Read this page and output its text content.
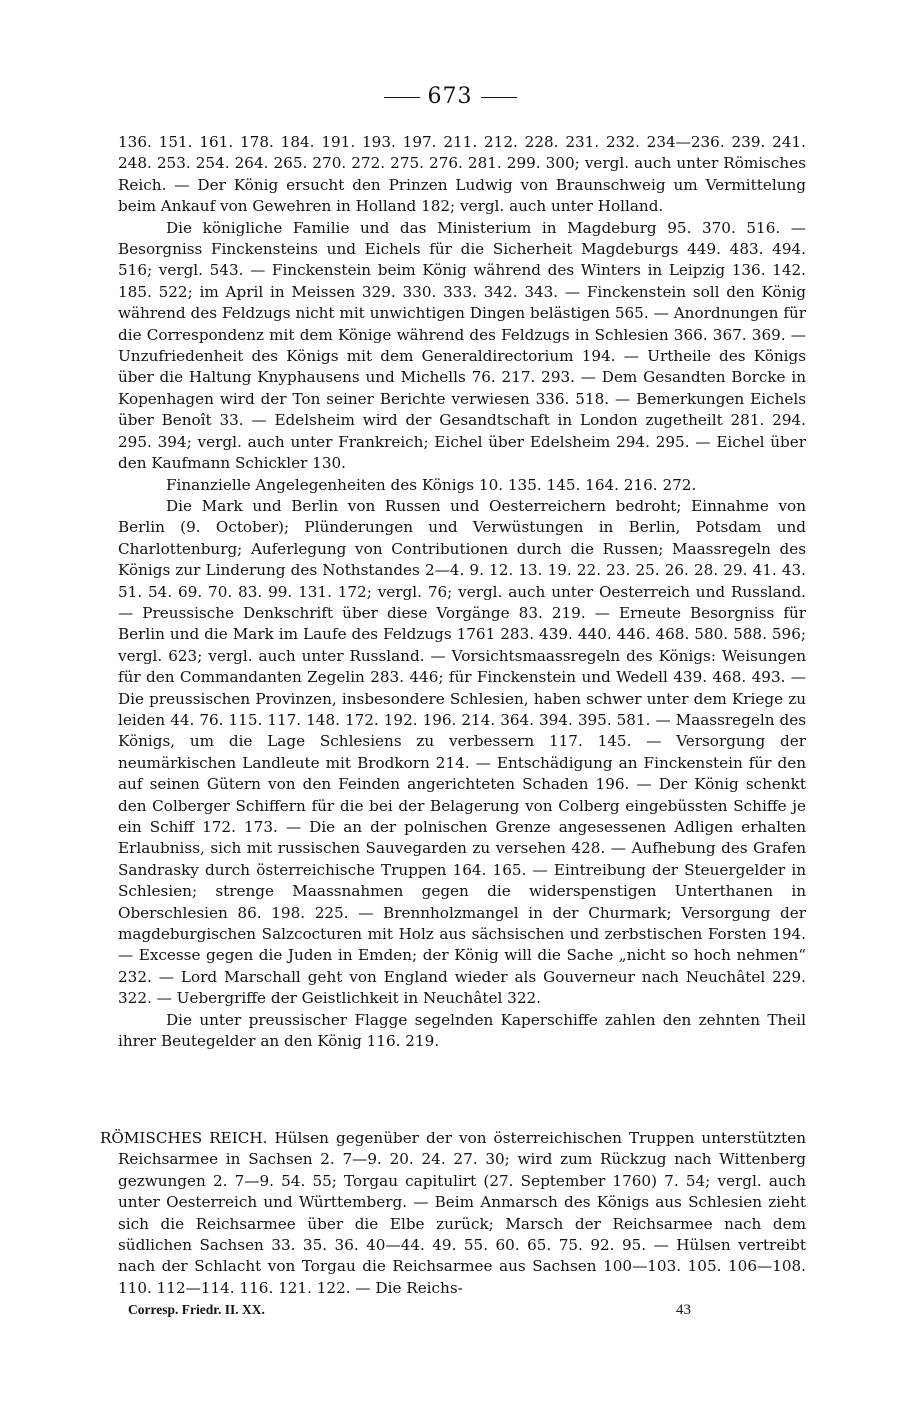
673

136. 151. 161. 178. 184. 191. 193. 197. 211. 212. 228. 231. 232. 234—236. 239. 241. 248. 253. 254. 264. 265. 270. 272. 275. 276. 281. 299. 300; vergl. auch unter Römisches Reich. — Der König ersucht den Prinzen Ludwig von Braunschweig um Vermittelung beim Ankauf von Gewehren in Holland 182; vergl. auch unter Holland.

Die königliche Familie und das Ministerium in Magdeburg 95. 370. 516. — Besorgniss Finckensteins und Eichels für die Sicherheit Magdeburgs 449. 483. 494. 516; vergl. 543. — Finckenstein beim König während des Winters in Leipzig 136. 142. 185. 522; im April in Meissen 329. 330. 333. 342. 343. — Finckenstein soll den König während des Feldzugs nicht mit unwichtigen Dingen belästigen 565. — Anordnungen für die Correspondenz mit dem Könige während des Feldzugs in Schlesien 366. 367. 369. — Unzufriedenheit des Königs mit dem Generaldirectorium 194. — Urtheile des Königs über die Haltung Knyphausens und Michells 76. 217. 293. — Dem Gesandten Borcke in Kopenhagen wird der Ton seiner Berichte verwiesen 336. 518. — Bemerkungen Eichels über Benoît 33. — Edelsheim wird der Gesandtschaft in London zugetheilt 281. 294. 295. 394; vergl. auch unter Frankreich; Eichel über Edelsheim 294. 295. — Eichel über den Kaufmann Schickler 130.

Finanzielle Angelegenheiten des Königs 10. 135. 145. 164. 216. 272.

Die Mark und Berlin von Russen und Oesterreichern bedroht; Einnahme von Berlin (9. October); Plünderungen und Verwüstungen in Berlin, Potsdam und Charlottenburg; Auferlegung von Contributionen durch die Russen; Maassregeln des Königs zur Linderung des Nothstandes 2—4. 9. 12. 13. 19. 22. 23. 25. 26. 28. 29. 41. 43. 51. 54. 69. 70. 83. 99. 131. 172; vergl. 76; vergl. auch unter Oesterreich und Russland. — Preussische Denkschrift über diese Vorgänge 83. 219. — Erneute Besorgniss für Berlin und die Mark im Laufe des Feldzugs 1761 283. 439. 440. 446. 468. 580. 588. 596; vergl. 623; vergl. auch unter Russland. — Vorsichtsmaassregeln des Königs: Weisungen für den Commandanten Zegelin 283. 446; für Finckenstein und Wedell 439. 468. 493. — Die preussischen Provinzen, insbesondere Schlesien, haben schwer unter dem Kriege zu leiden 44. 76. 115. 117. 148. 172. 192. 196. 214. 364. 394. 395. 581. — Maassregeln des Königs, um die Lage Schlesiens zu verbessern 117. 145. — Versorgung der neumärkischen Landleute mit Brodkorn 214. — Entschädigung an Finckenstein für den auf seinen Gütern von den Feinden angerichteten Schaden 196. — Der König schenkt den Colberger Schiffern für die bei der Belagerung von Colberg eingebüssten Schiffe je ein Schiff 172. 173. — Die an der polnischen Grenze angesessenen Adligen erhalten Erlaubniss, sich mit russischen Sauvegarden zu versehen 428. — Aufhebung des Grafen Sandrasky durch österreichische Truppen 164. 165. — Eintreibung der Steuergelder in Schlesien; strenge Maassnahmen gegen die widerspenstigen Unterthanen in Oberschlesien 86. 198. 225. — Brennholzmangel in der Churmark; Versorgung der magdeburgischen Salzcocturen mit Holz aus sächsischen und zerbstischen Forsten 194. — Excesse gegen die Juden in Emden; der König will die Sache „nicht so hoch nehmen“ 232. — Lord Marschall geht von England wieder als Gouverneur nach Neuchâtel 229. 322. — Uebergriffe der Geistlichkeit in Neuchâtel 322.

Die unter preussischer Flagge segelnden Kaperschiffe zahlen den zehnten Theil ihrer Beutegelder an den König 116. 219.

RÖMISCHES REICH. Hülsen gegenüber der von österreichischen Truppen unterstützten Reichsarmee in Sachsen 2. 7—9. 20. 24. 27. 30; wird zum Rückzug nach Wittenberg gezwungen 2. 7—9. 54. 55; Torgau capitulirt (27. September 1760) 7. 54; vergl. auch unter Oesterreich und Württemberg. — Beim Anmarsch des Königs aus Schlesien zieht sich die Reichsarmee über die Elbe zurück; Marsch der Reichsarmee nach dem südlichen Sachsen 33. 35. 36. 40—44. 49. 55. 60. 65. 75. 92. 95. — Hülsen vertreibt nach der Schlacht von Torgau die Reichsarmee aus Sachsen 100—103. 105. 106—108. 110. 112—114. 116. 121. 122. — Die Reichs-

Corresp. Friedr. II. XX.	43
